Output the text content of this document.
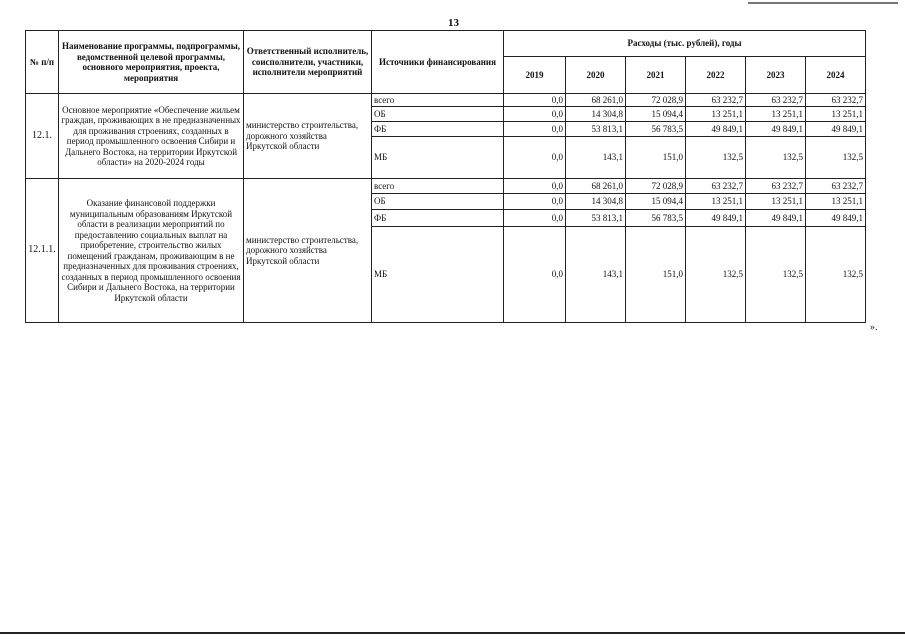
13
№ п/п	Наименование программы, подпрограммы, ведомственной целевой программы, основного мероприятия, проекта, мероприятия	Ответственный исполнитель, соисполнители, участники, исполнители мероприятий	Источники финансирования	Расходы (тыс. рублей), годы					
				2019	2020	2021	2022	2023	2024
12.1.	Основное мероприятие «Обеспечение жильем граждан, проживающих в не предназначенных для проживания строениях, созданных в период промышленного освоения Сибири и Дальнего Востока, на территории Иркутской области» на 2020-2024 годы	министерство строительства, дорожного хозяйства Иркутской области	всего	0,0	68 261,0	72 028,9	63 232,7	63 232,7	63 232,7
			ОБ	0,0	14 304,8	15 094,4	13 251,1	13 251,1	13 251,1
			ФБ	0,0	53 813,1	56 783,5	49 849,1	49 849,1	49 849,1
			МБ	0,0	143,1	151,0	132,5	132,5	132,5
12.1.1.	Оказание финансовой поддержки муниципальным образованиям Иркутской области в реализации мероприятий по предоставлению социальных выплат на приобретение, строительство жилых помещений гражданам, проживающим в не предназначенных для проживания строениях, созданных в период промышленного освоения Сибири и Дальнего Востока, на территории Иркутской области	министерство строительства, дорожного хозяйства Иркутской области	всего	0,0	68 261,0	72 028,9	63 232,7	63 232,7	63 232,7
			ОБ	0,0	14 304,8	15 094,4	13 251,1	13 251,1	13 251,1
			ФБ	0,0	53 813,1	56 783,5	49 849,1	49 849,1	49 849,1
			МБ	0,0	143,1	151,0	132,5	132,5	132,5
».
